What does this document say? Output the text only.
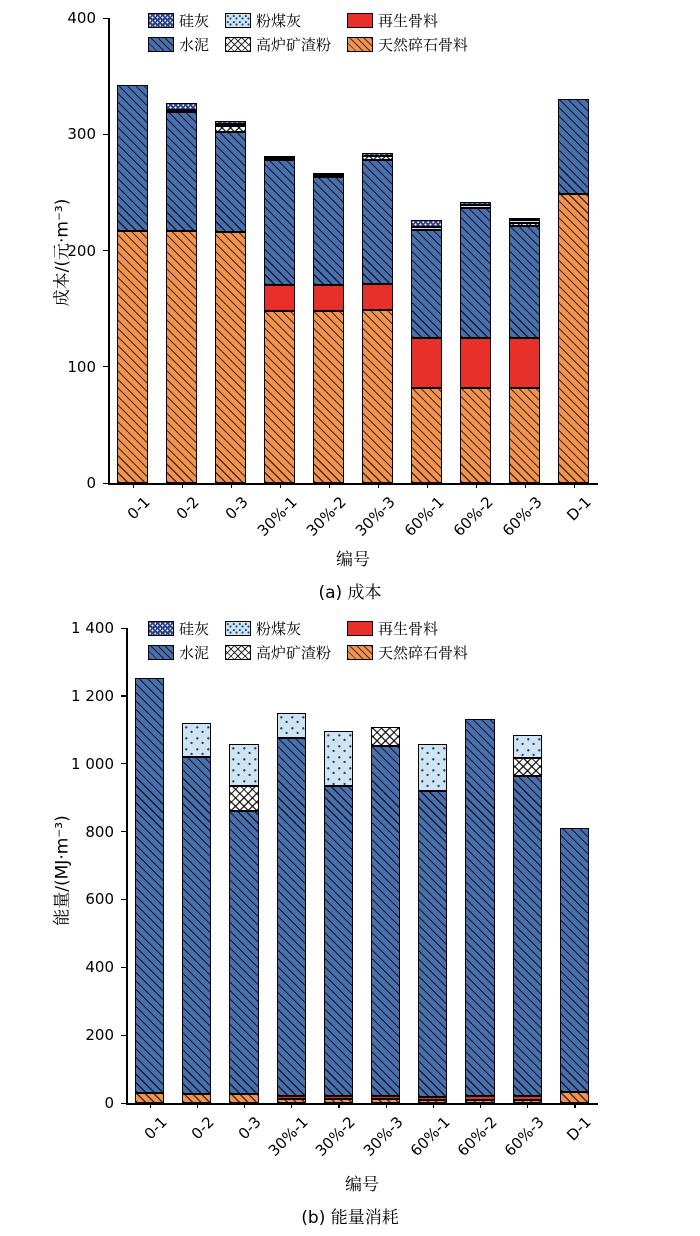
硅灰	粉煤灰	再生骨料
水泥	高炉矿渣粉	天然碎石骨料
0
100
200
300
400
0-1	0-2	0-3 30%-1 30%-2 30%-3 60%-1 60%-2 60%-3	D-1
成本/(元·m⁻³)
编号
(a) 成本
硅灰	粉煤灰	再生骨料
水泥	高炉矿渣粉	天然碎石骨料
0
200
400
600
800
1 000
1 200
1 400
0-1	0-2	0-3 30%-1 30%-2 30%-3 60%-1 60%-2 60%-3	D-1
能量/(MJ·m⁻³)
编号
(b) 能量消耗
